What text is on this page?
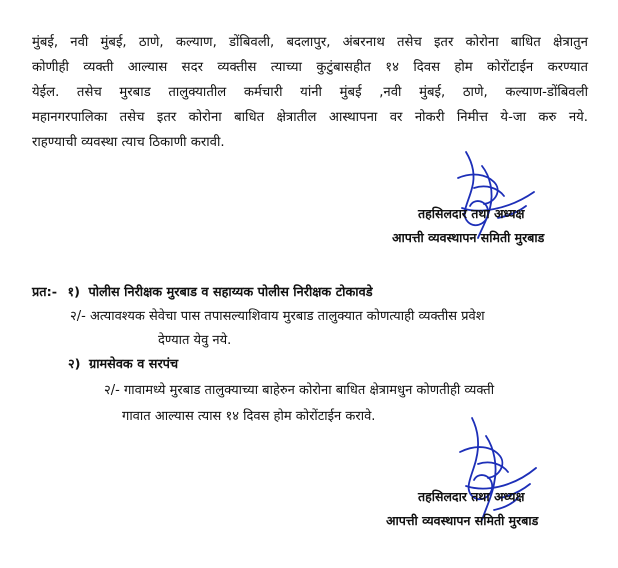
मुंबई, नवी मुंबई, ठाणे, कल्याण, डोंबिवली, बदलापुर, अंबरनाथ तसेच इतर कोरोना बाधित क्षेत्रातुन
कोणीही व्यक्ती आल्यास सदर व्यक्तीस त्याच्या कुटुंबासहीत १४ दिवस होम कोरोंटाईन करण्यात
येईल. तसेच मुरबाड तालुक्यातील कर्मचारी यांनी मुंबई ,नवी मुंबई, ठाणे, कल्याण-डोंबिवली
महानगरपालिका तसेच इतर कोरोना बाधित क्षेत्रातील आस्थापना वर नोकरी निमीत्त ये-जा करु नये.
राहण्याची व्यवस्था त्याच ठिकाणी करावी.

तहसिलदार तथा अध्यक्ष

आपत्ती व्यवस्थापन समिती मुरबाड

प्रत:- १) पोलीस निरीक्षक मुरबाड व सहाय्यक पोलीस निरीक्षक टोकावडे

२/- अत्यावश्यक सेवेचा पास तपासल्याशिवाय मुरबाड तालुक्यात कोणत्याही व्यक्तीस प्रवेश

देण्यात येवु नये.

२) ग्रामसेवक व सरपंच

२/- गावामध्ये मुरबाड तालुक्याच्या बाहेरुन कोरोना बाधित क्षेत्रामधुन कोणतीही व्यक्ती

गावात आल्यास त्यास १४ दिवस होम कोरोंटाईन करावे.

तहसिलदार तथा अध्यक्ष

आपत्ती व्यवस्थापन समिती मुरबाड
